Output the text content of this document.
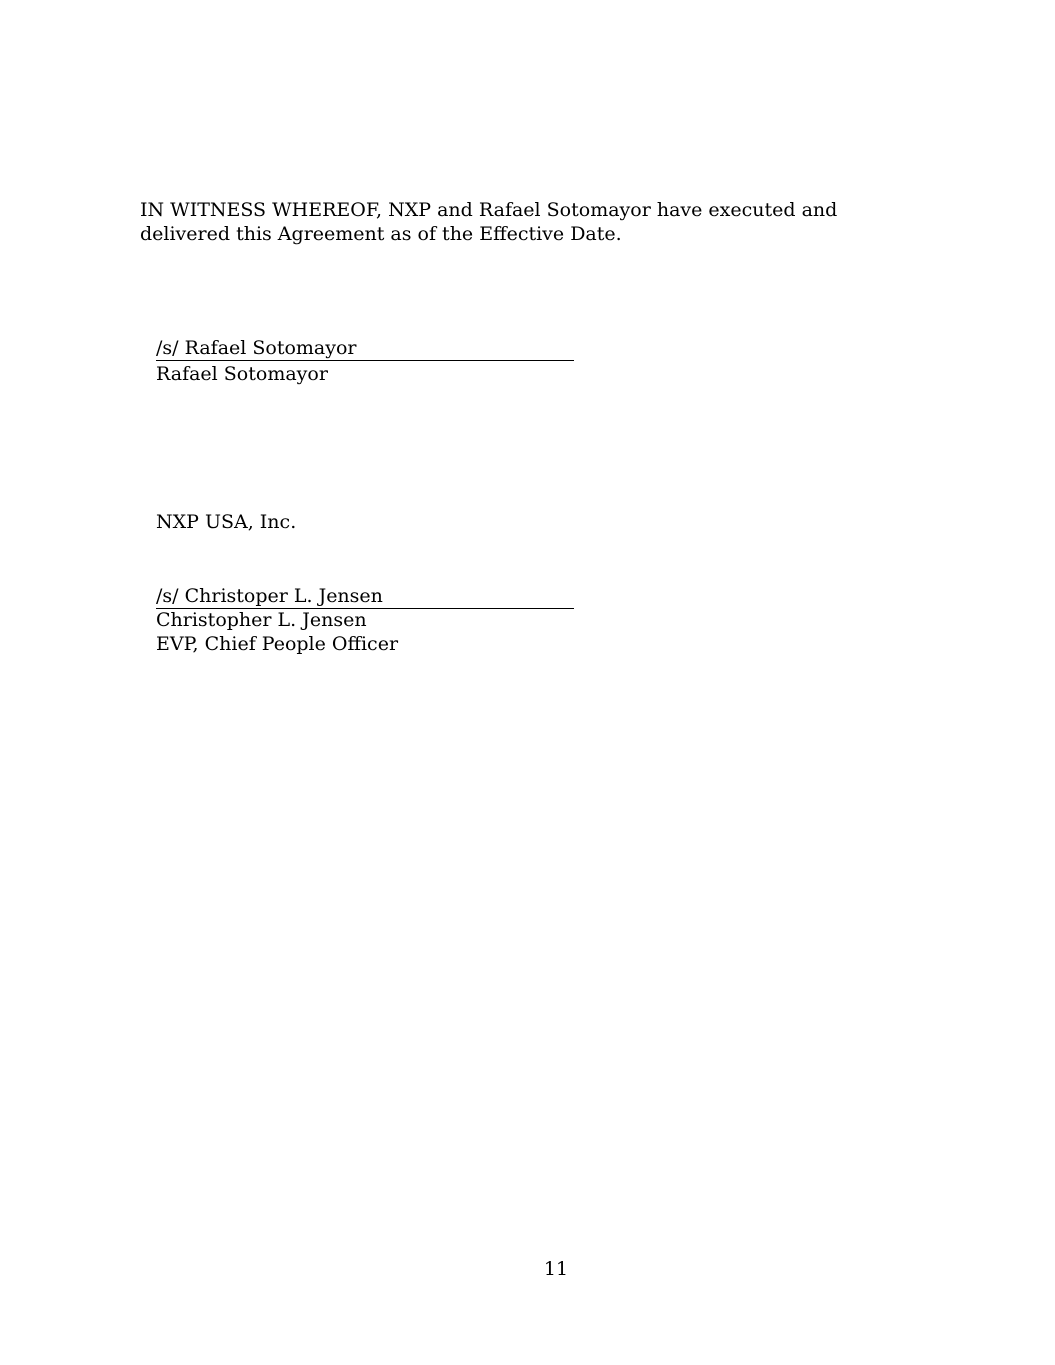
IN WITNESS WHEREOF, NXP and Rafael Sotomayor have executed and delivered this Agreement as of the Effective Date.
/s/ Rafael Sotomayor
Rafael Sotomayor
NXP USA, Inc.
/s/ Christoper L. Jensen
Christopher L. Jensen
EVP, Chief People Officer
11
